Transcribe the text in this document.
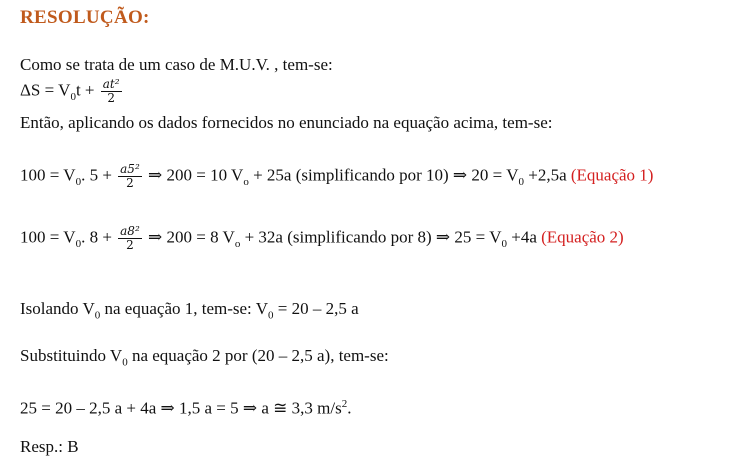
RESOLUÇÃO:
Como se trata de um caso de M.U.V. , tem-se:
$\Delta S = V_0t + \frac{\text{at²}}{2}$
Então, aplicando os dados fornecidos no enunciado na equação acima, tem-se:
$100 = V_0$. $5 + \frac{\text{a5²}}{2}$ ⇒ 200 = 10 $V_o + 25a$ (simplificando por 10) ⇒ $20 = V_0 +2,5a$ (Equação 1)
$100 = V_0$. $8 + \frac{\text{a8²}}{2}$ ⇒ 200 = 8 $V_o + 32a$ (simplificando por 8) ⇒ $25 = V_0 +4a$ (Equação 2)
Isolando $V_0$ na equação 1, tem-se: $V_0 = 20 - 2,5$ a
Substituindo $V_0$ na equação 2 por (20 – 2,5 a), tem-se:
25 = 20 – 2,5 a + 4a ⇒ 1,5 a = 5 ⇒ a ≅ 3,3 $m/s^2$.
Resp.: B
